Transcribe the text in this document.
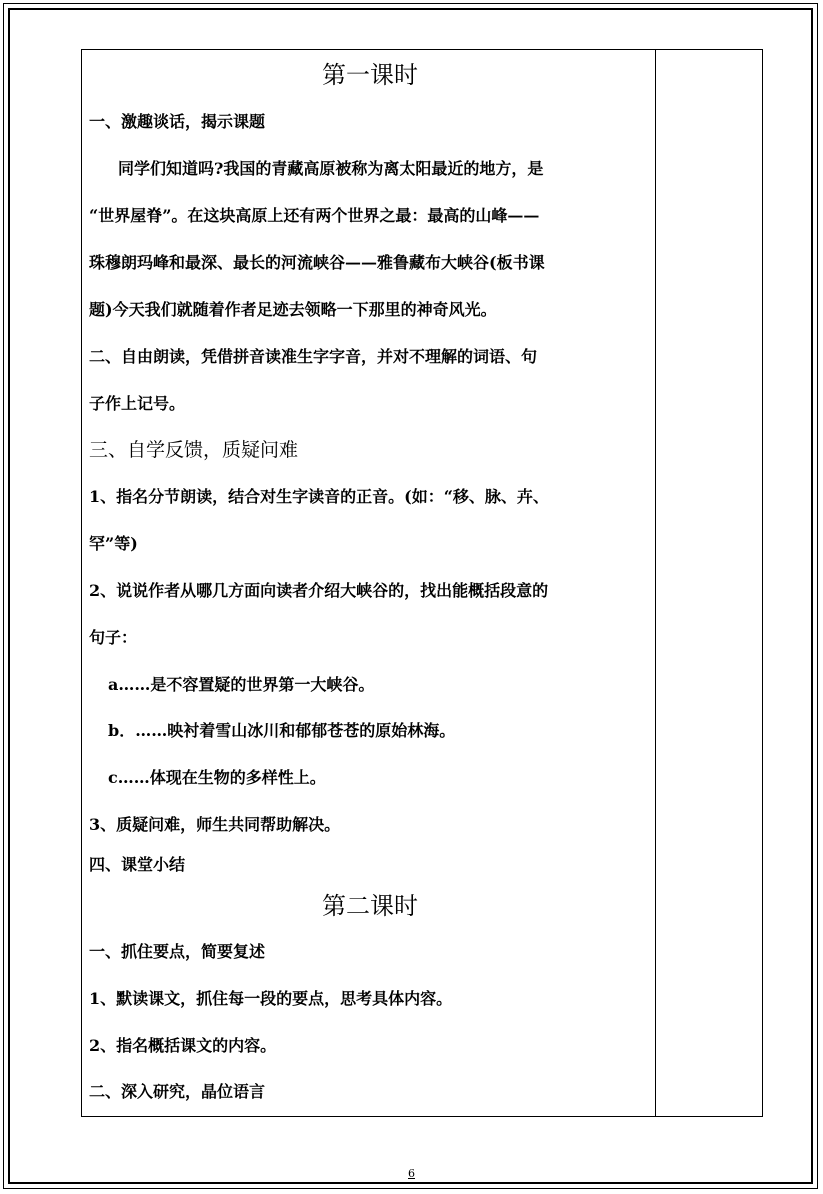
第一课时
一、激趣谈话，揭示课题
同学们知道吗?我国的青藏高原被称为离太阳最近的地方，是
“世界屋脊”。在这块高原上还有两个世界之最：最高的山峰——
珠穆朗玛峰和最深、最长的河流峡谷——雅鲁藏布大峡谷(板书课
题)今天我们就随着作者足迹去领略一下那里的神奇风光。
二、自由朗读，凭借拼音读准生字字音，并对不理解的词语、句
子作上记号。
三、自学反馈，质疑问难
1、指名分节朗读，结合对生字读音的正音。(如：“移、脉、卉、
罕”等)
2、说说作者从哪几方面向读者介绍大峡谷的，找出能概括段意的
句子：
a……是不容置疑的世界第一大峡谷。
b．……映衬着雪山冰川和郁郁苍苍的原始林海。
c……体现在生物的多样性上。
3、质疑问难，师生共同帮助解决。
四、课堂小结
第二课时
一、抓住要点，简要复述
1、默读课文，抓住每一段的要点，思考具体内容。
2、指名概括课文的内容。
二、深入研究，晶位语言
6
